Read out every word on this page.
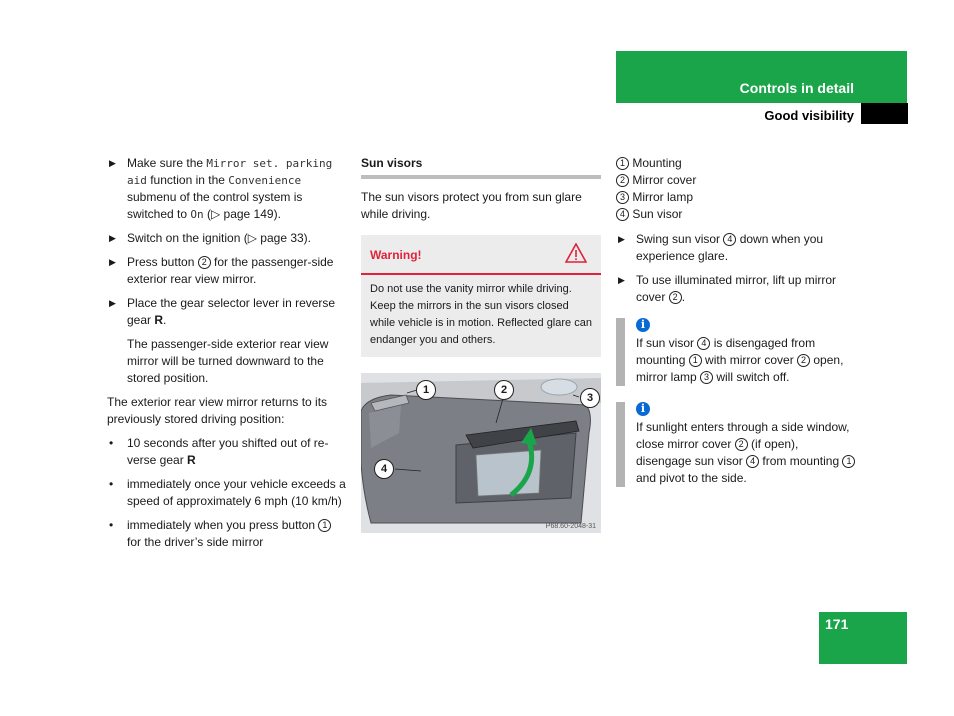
Controls in detail
Good visibility
▶ Make sure the Mirror set. parking aid function in the Convenience submenu of the control system is switched to On (▷ page 149).
▶ Switch on the ignition (▷ page 33).
▶ Press button 2 for the passenger-side exterior rear view mirror.
▶ Place the gear selector lever in reverse gear R.

The passenger-side exterior rear view mirror will be turned downward to the stored position.

The exterior rear view mirror returns to its previously stored driving position:

• 10 seconds after you shifted out of re-verse gear R
• immediately once your vehicle exceeds a speed of approximately 6 mph (10 km/h)
• immediately when you press button 1 for the driver’s side mirror
Sun visors

The sun visors protect you from sun glare while driving.

Warning!
Do not use the vanity mirror while driving. Keep the mirrors in the sun visors closed while vehicle is in motion. Reflected glare can endanger you and others.
1	2
3
4
P68.60-2048-31
1 Mounting
2 Mirror cover
3 Mirror lamp
4 Sun visor
▶ Swing sun visor 4 down when you experience glare.
▶ To use illuminated mirror, lift up mirror cover 2 .
i
If sun visor 4 is disengaged from mounting 1 with mirror cover 2 open, mirror lamp 3 will switch off.
i
If sunlight enters through a side window, close mirror cover 2 (if open), disengage sun visor 4 from mounting 1 and pivot to the side.
171
